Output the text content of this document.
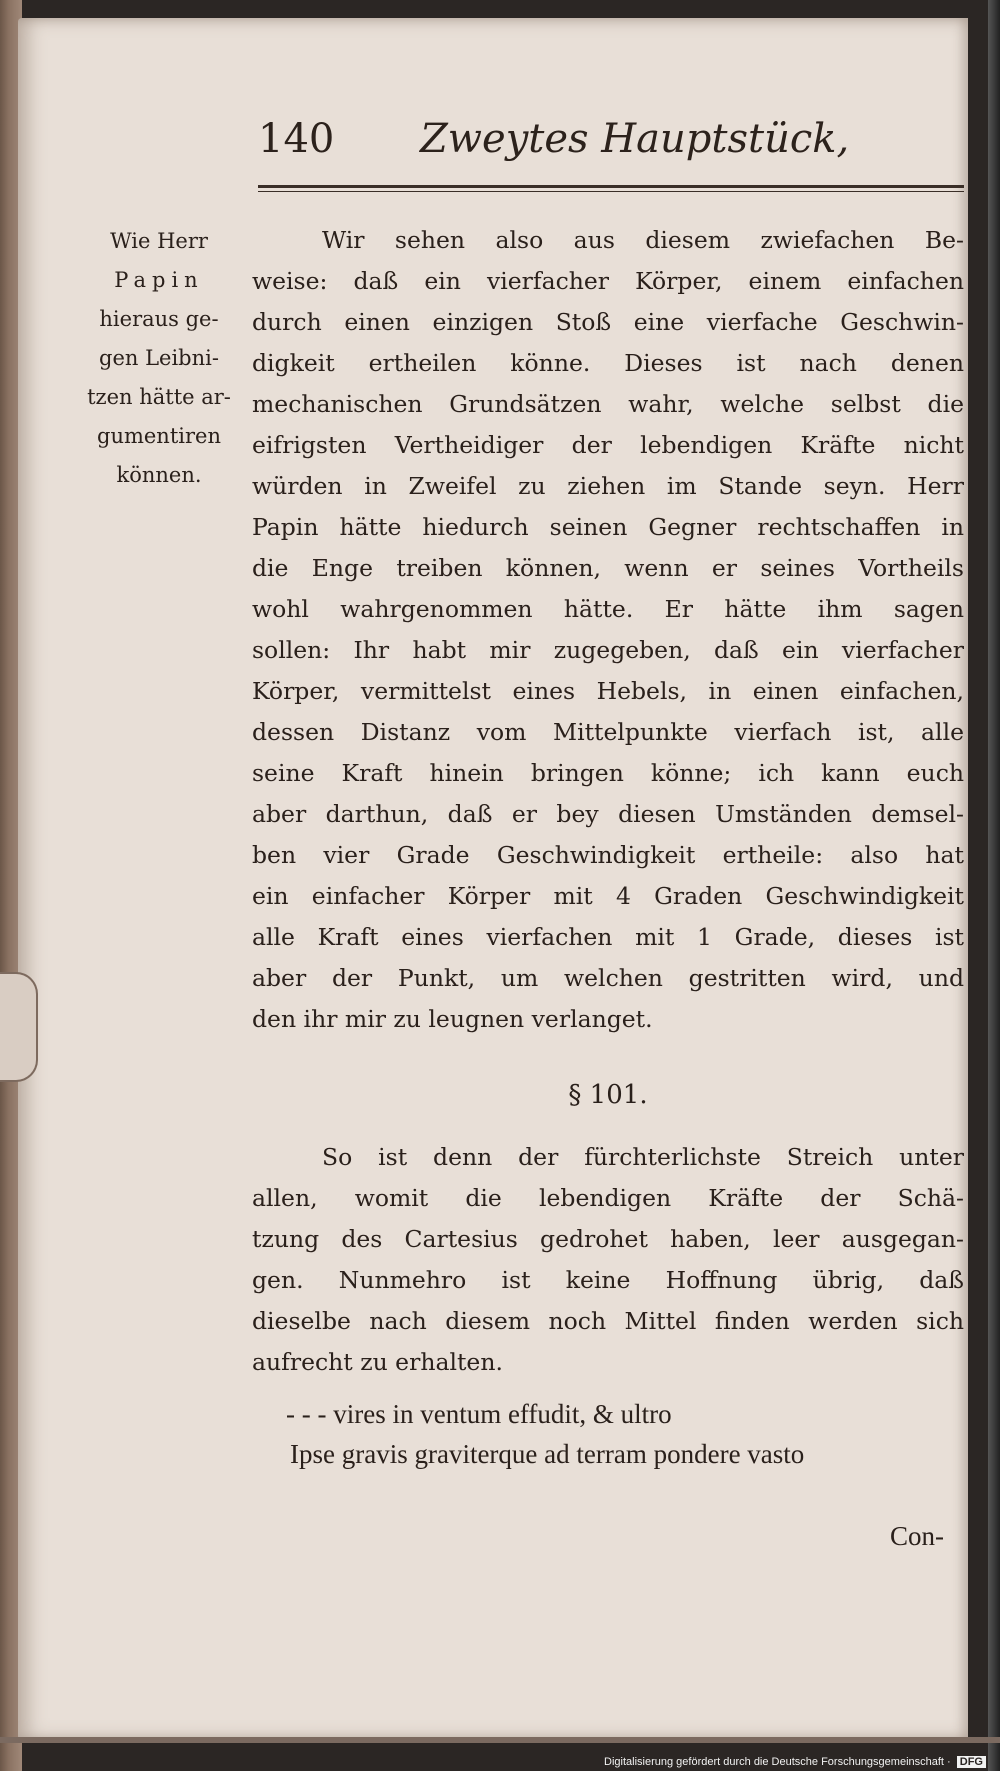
140 Zweytes Hauptstück,
Wie Herr
Papin
hieraus ge-
gen Leibni-
tzen hätte ar-
gumentiren
können.
Wir sehen also aus diesem zwiefachen Be-
weise: daß ein vierfacher Körper, einem einfachen
durch einen einzigen Stoß eine vierfache Geschwin-
digkeit ertheilen könne. Dieses ist nach denen
mechanischen Grundsätzen wahr, welche selbst die
eifrigsten Vertheidiger der lebendigen Kräfte nicht
würden in Zweifel zu ziehen im Stande seyn. Herr
Papin hätte hiedurch seinen Gegner rechtschaffen in
die Enge treiben können, wenn er seines Vortheils
wohl wahrgenommen hätte. Er hätte ihm sagen
sollen: Ihr habt mir zugegeben, daß ein vierfacher
Körper, vermittelst eines Hebels, in einen einfachen,
dessen Distanz vom Mittelpunkte vierfach ist, alle
seine Kraft hinein bringen könne; ich kann euch
aber darthun, daß er bey diesen Umständen demsel-
ben vier Grade Geschwindigkeit ertheile: also hat
ein einfacher Körper mit 4 Graden Geschwindigkeit
alle Kraft eines vierfachen mit 1 Grade, dieses ist
aber der Punkt, um welchen gestritten wird, und
den ihr mir zu leugnen verlanget.
§ 101.
So ist denn der fürchterlichste Streich unter
allen, womit die lebendigen Kräfte der Schä-
tzung des Cartesius gedrohet haben, leer ausgegan-
gen. Nunmehro ist keine Hoffnung übrig, daß
dieselbe nach diesem noch Mittel finden werden sich
aufrecht zu erhalten.
- - - vires in ventum effudit, & ultro
Ipse gravis graviterque ad terram pondere vasto
Con-
Digitalisierung gefördert durch die Deutsche Forschungsgemeinschaft · DFG
